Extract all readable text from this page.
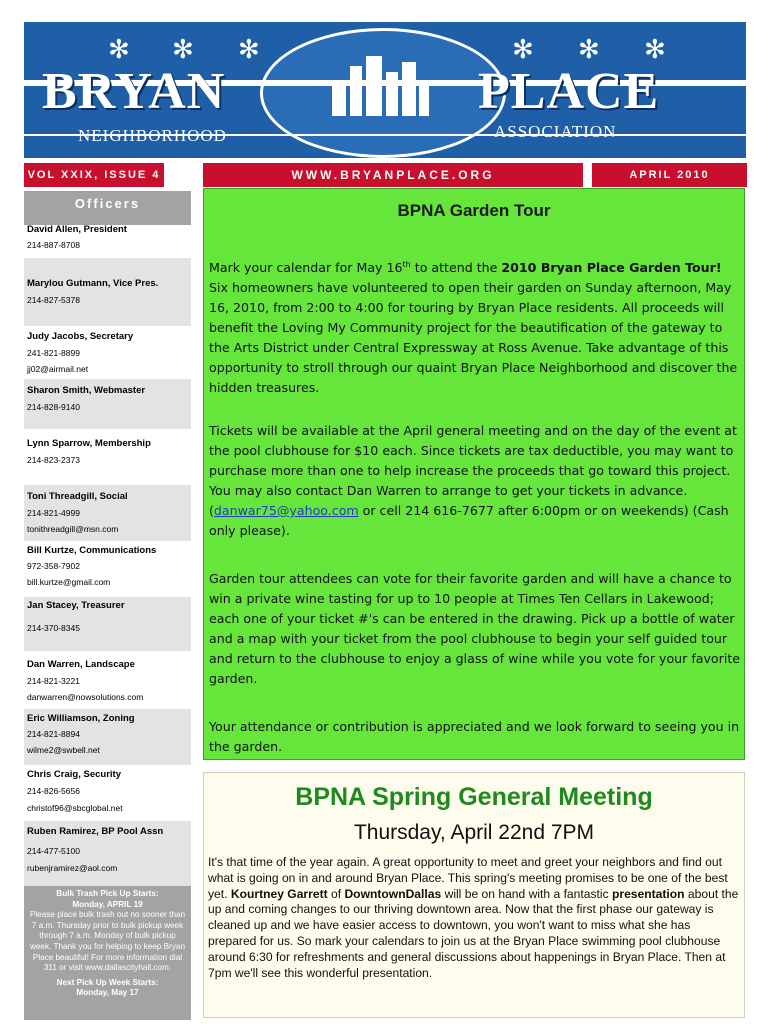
✻ ✻ ✻	✻ ✻ ✻
BRYAN	PLACE
NEIGHBORHOOD	ASSOCIATION
VOL XXIX, ISSUE 4	WWW.BRYANPLACE.ORG	APRIL 2010
Officers
David Allen, President
214-887-8708
Marylou Gutmann, Vice Pres.
214-827-5378
Judy Jacobs, Secretary
241-821-8899
jj02@airmail.net
Sharon Smith, Webmaster
214-828-9140
Lynn Sparrow, Membership
214-823-2373
Toni Threadgill, Social
214-821-4999
tonithreadgill@msn.com
Bill Kurtze, Communications
972-358-7902
bill.kurtze@gmail.com
Jan Stacey, Treasurer
214-370-8345
Dan Warren, Landscape
214-821-3221
danwarren@nowsolutions.com
Eric Williamson, Zoning
214-821-8894
wilme2@swbell.net
Chris Craig, Security
214-826-5656
christof96@sbcglobal.net
Ruben Ramirez, BP Pool Assn
214-477-5100
rubenjramirez@aol.com
Bulk Trash Pick Up Starts:
Monday, APRIL 19
Please place bulk trash out no sooner than 7 a.m. Thursday prior to bulk pickup week through 7 a.m. Monday of bulk pickup week. Thank you for helping to keep Bryan Place beautiful! For more information dial 311 or visit www.dallascityhall.com.
Next Pick Up Week Starts:
Monday, May 17
BPNA Garden Tour

Mark your calendar for May 16th to attend the 2010 Bryan Place Garden Tour! Six homeowners have volunteered to open their garden on Sunday afternoon, May 16, 2010, from 2:00 to 4:00 for touring by Bryan Place residents. All proceeds will benefit the Loving My Community project for the beautification of the gateway to the Arts District under Central Expressway at Ross Avenue. Take advantage of this opportunity to stroll through our quaint Bryan Place Neighborhood and discover the hidden treasures.

Tickets will be available at the April general meeting and on the day of the event at the pool clubhouse for $10 each. Since tickets are tax deductible, you may want to purchase more than one to help increase the proceeds that go toward this project. You may also contact Dan Warren to arrange to get your tickets in advance. (danwar75@yahoo.com or cell 214 616-7677 after 6:00pm or on weekends) (Cash only please).

Garden tour attendees can vote for their favorite garden and will have a chance to win a private wine tasting for up to 10 people at Times Ten Cellars in Lakewood; each one of your ticket #'s can be entered in the drawing. Pick up a bottle of water and a map with your ticket from the pool clubhouse to begin your self guided tour and return to the clubhouse to enjoy a glass of wine while you vote for your favorite garden.

Your attendance or contribution is appreciated and we look forward to seeing you in the garden.

BPNA Spring General Meeting
Thursday, April 22nd 7PM

It's that time of the year again. A great opportunity to meet and greet your neighbors and find out what is going on in and around Bryan Place. This spring's meeting promises to be one of the best yet. Kourtney Garrett of DowntownDallas will be on hand with a fantastic presentation about the up and coming changes to our thriving downtown area. Now that the first phase our gateway is cleaned up and we have easier access to downtown, you won't want to miss what she has prepared for us. So mark your calendars to join us at the Bryan Place swimming pool clubhouse around 6:30 for refreshments and general discussions about happenings in Bryan Place. Then at 7pm we'll see this wonderful presentation.
